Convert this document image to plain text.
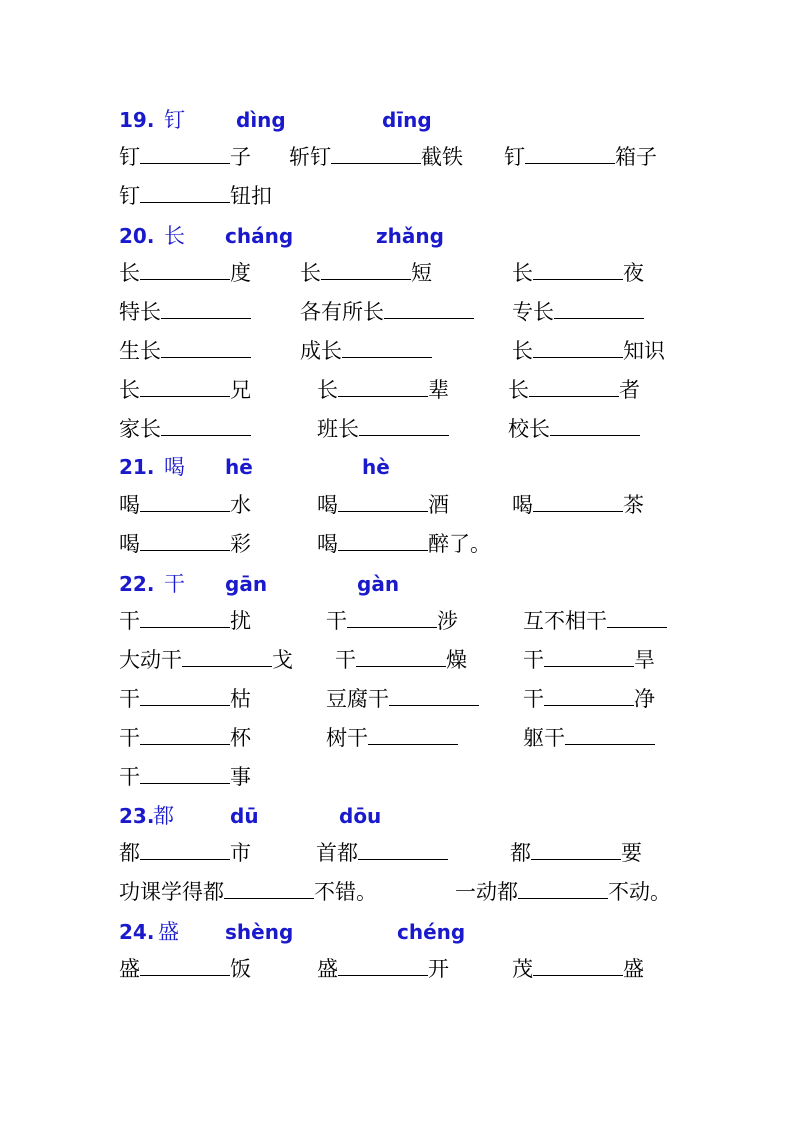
19. 钉	dìng	dīng
钉	子 斩钉	截铁 钉	箱子
钉	钮扣
20. 长 cháng	zhǎng
长	度 长	短	长	夜
特长	各有所长	专长
生长	成长	长	知识
长	兄	长	辈	长	者
家长	班长	校长
21. 喝 hē	hè
喝	水	喝	酒	喝	茶
喝	彩	喝	醉了。
22. 干 gān	gàn
干	扰	干	涉	互不相干
大动干	戈 干	燥	干	旱
干	枯	豆腐干	干	净
干	杯	树干	躯干
干	事
23.
都	dū	dōu
都	市	首都	都	要
功课学得都	不错。	一动都	不动。
24. 盛 shèng	chéng
盛	饭	盛	开	茂	盛
